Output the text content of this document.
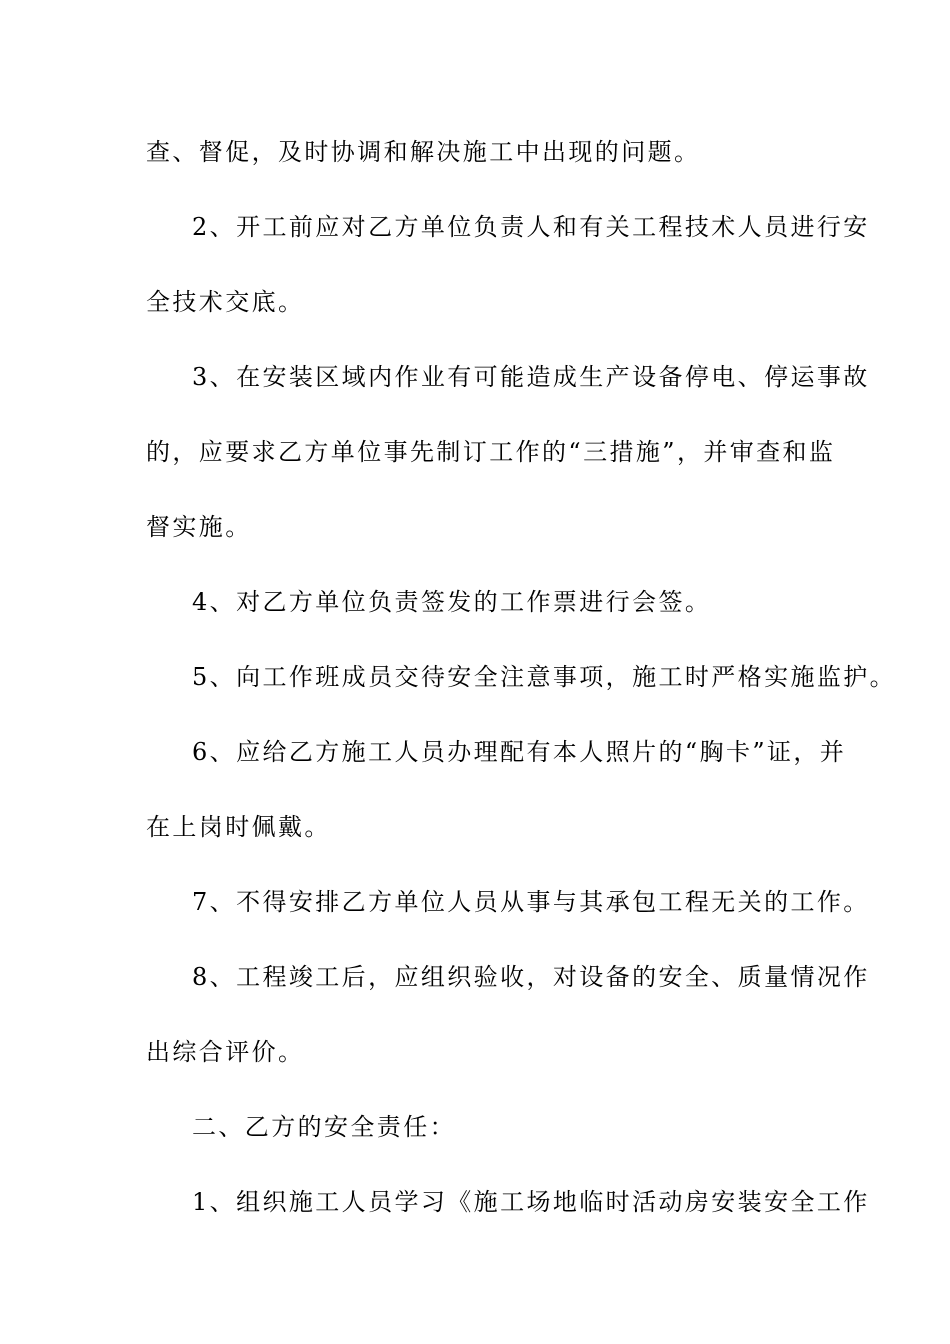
查、督促，及时协调和解决施工中出现的问题。
2、开工前应对乙方单位负责人和有关工程技术人员进行安
全技术交底。
3、在安装区域内作业有可能造成生产设备停电、停运事故
的，应要求乙方单位事先制订工作的“三措施”，并审查和监
督实施。
4、对乙方单位负责签发的工作票进行会签。
5、向工作班成员交待安全注意事项，施工时严格实施监护。
6、应给乙方施工人员办理配有本人照片的“胸卡”证，并
在上岗时佩戴。
7、不得安排乙方单位人员从事与其承包工程无关的工作。
8、工程竣工后，应组织验收，对设备的安全、质量情况作
出综合评价。
二、乙方的安全责任：
1、组织施工人员学习《施工场地临时活动房安装安全工作
